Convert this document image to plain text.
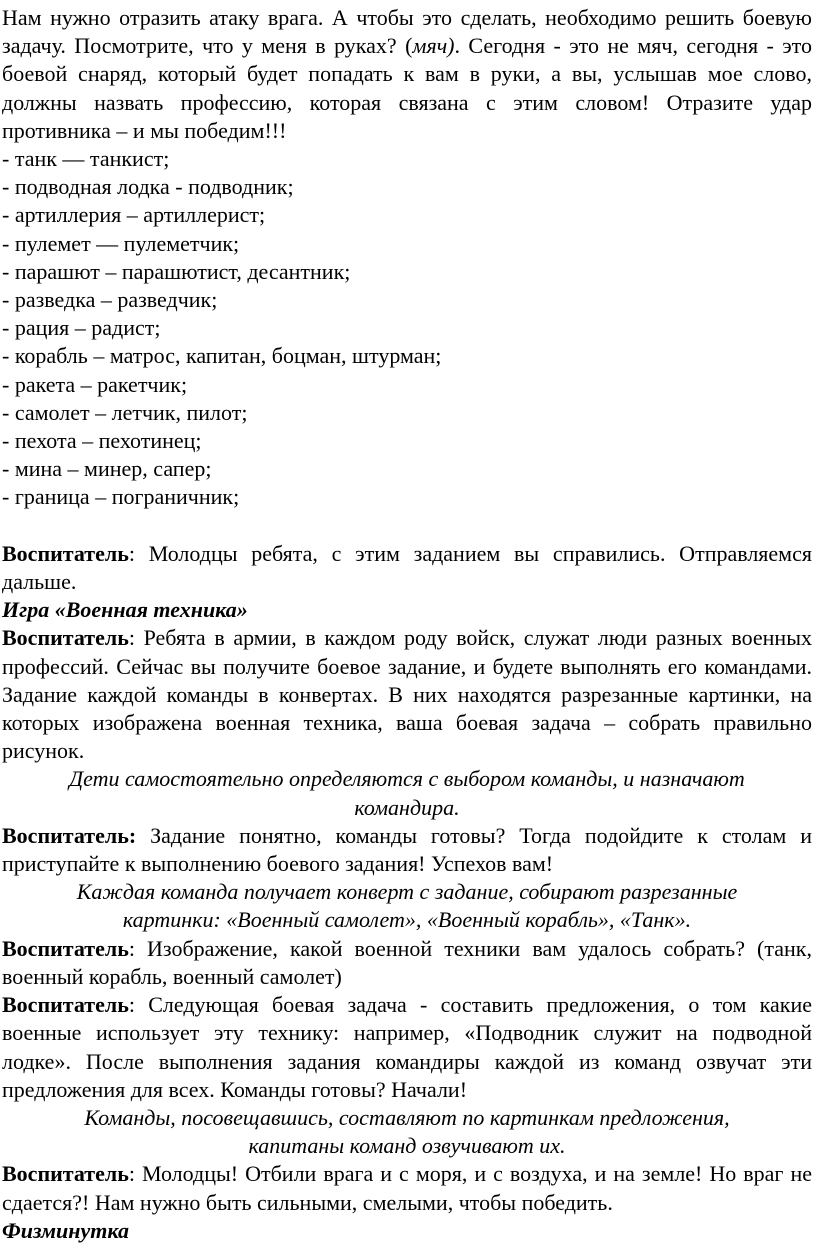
Нам нужно отразить атаку врага. А чтобы это сделать, необходимо решить боевую задачу. Посмотрите, что у меня в руках? (мяч). Сегодня - это не мяч, сегодня - это боевой снаряд, который будет попадать к вам в руки, а вы, услышав мое слово, должны назвать профессию, которая связана с этим словом! Отразите удар противника – и мы победим!!!

- танк — танкист;
- подводная лодка - подводник;
- артиллерия – артиллерист;
- пулемет — пулеметчик;
- парашют – парашютист, десантник;
- разведка – разведчик;
- рация – радист;
- корабль – матрос, капитан, боцман, штурман;
- ракета – ракетчик;
- самолет – летчик, пилот;
- пехота – пехотинец;
- мина – минер, сапер;
- граница – пограничник;

Воспитатель: Молодцы ребята, с этим заданием вы справились. Отправляемся дальше.

Игра «Военная техника»

Воспитатель: Ребята в армии, в каждом роду войск, служат люди разных военных профессий. Сейчас вы получите боевое задание, и будете выполнять его командами. Задание каждой команды в конвертах. В них находятся разрезанные картинки, на которых изображена военная техника, ваша боевая задача – собрать правильно рисунок.

Дети самостоятельно определяются с выбором команды, и назначают
командира.

Воспитатель: Задание понятно, команды готовы? Тогда подойдите к столам и приступайте к выполнению боевого задания! Успехов вам!

Каждая команда получает конверт с задание, собирают разрезанные
картинки: «Военный самолет», «Военный корабль», «Танк».

Воспитатель: Изображение, какой военной техники вам удалось собрать? (танк, военный корабль, военный самолет)

Воспитатель: Следующая боевая задача - составить предложения, о том какие военные использует эту технику: например, «Подводник служит на подводной лодке». После выполнения задания командиры каждой из команд озвучат эти предложения для всех. Команды готовы? Начали!

Команды, посовещавшись, составляют по картинкам предложения,
капитаны команд озвучивают их.

Воспитатель: Молодцы! Отбили врага и с моря, и с воздуха, и на земле! Но враг не сдается?! Нам нужно быть сильными, смелыми, чтобы победить.

Физминутка
